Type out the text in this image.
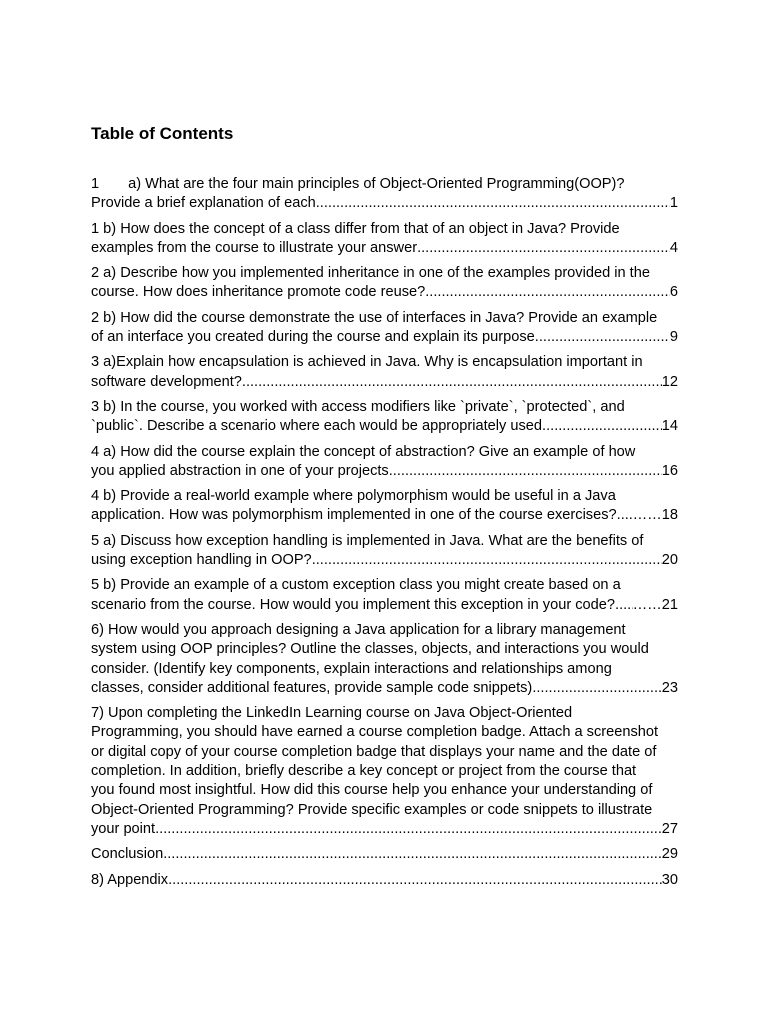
Table of Contents
1 a) What are the four main principles of Object-Oriented Programming(OOP)?
Provide a brief explanation of each .....	1
1 b) How does the concept of a class differ from that of an object in Java? Provide
examples from the course to illustrate your answer .....	4
2 a) Describe how you implemented inheritance in one of the examples provided in the
course. How does inheritance promote code reuse? .....	6
2 b) How did the course demonstrate the use of interfaces in Java? Provide an example
of an interface you created during the course and explain its purpose .....	9
3 a)Explain how encapsulation is achieved in Java. Why is encapsulation important in
software development? .....	12
3 b) In the course, you worked with access modifiers like `private`, `protected`, and
`public`. Describe a scenario where each would be appropriately used .....	14
4 a) How did the course explain the concept of abstraction? Give an example of how
you applied abstraction in one of your projects .....	16
4 b) Provide a real-world example where polymorphism would be useful in a Java
application. How was polymorphism implemented in one of the course exercises? ..... ……18
5 a) Discuss how exception handling is implemented in Java. What are the benefits of
using exception handling in OOP? .....	20
5 b) Provide an example of a custom exception class you might create based on a
scenario from the course. How would you implement this exception in your code? ..... ……21
6) How would you approach designing a Java application for a library management
system using OOP principles? Outline the classes, objects, and interactions you would
consider. (Identify key components, explain interactions and relationships among
classes, consider additional features, provide sample code snippets) .....	23
7) Upon completing the LinkedIn Learning course on Java Object-Oriented
Programming, you should have earned a course completion badge. Attach a screenshot
or digital copy of your course completion badge that displays your name and the date of
completion. In addition, briefly describe a key concept or project from the course that
you found most insightful. How did this course help you enhance your understanding of
Object-Oriented Programming? Provide specific examples or code snippets to illustrate
your point .....	27
Conclusion .....	29
8) Appendix .....	30
